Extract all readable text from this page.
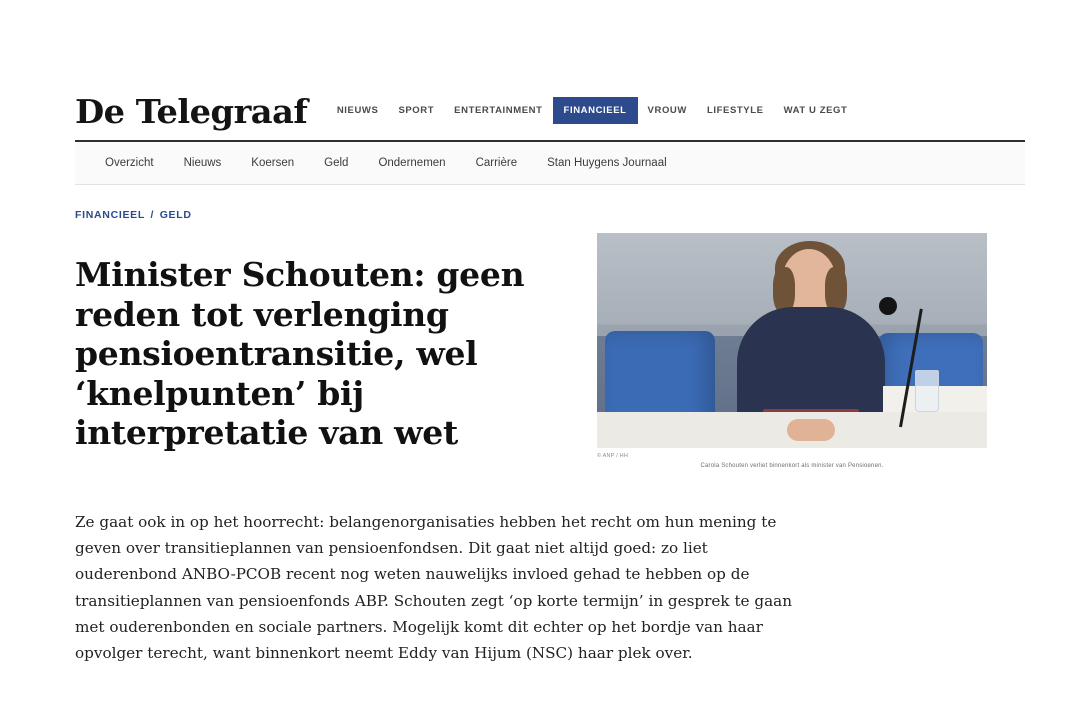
De Telegraaf	NIEUWS	SPORT	ENTERTAINMENT	FINANCIEEL	VROUW	LIFESTYLE	WAT U ZEGT
Overzicht	Nieuws	Koersen	Geld	Ondernemen	Carrière	Stan Huygens Journaal
FINANCIEEL / GELD
Minister Schouten: geen reden tot verlenging pensioentransitie, wel ‘knelpunten’ bij interpretatie van wet
© ANP / HH
Carola Schouten verliet binnenkort als minister van Pensioenen.

Ze gaat ook in op het hoorrecht: belangenorganisaties hebben het recht om hun mening te geven over transitieplannen van pensioenfondsen. Dit gaat niet altijd goed: zo liet ouderenbond ANBO-PCOB recent nog weten nauwelijks invloed gehad te hebben op de transitieplannen van pensioenfonds ABP. Schouten zegt ‘op korte termijn’ in gesprek te gaan met ouderenbonden en sociale partners. Mogelijk komt dit echter op het bordje van haar opvolger terecht, want binnenkort neemt Eddy van Hijum (NSC) haar plek over.
